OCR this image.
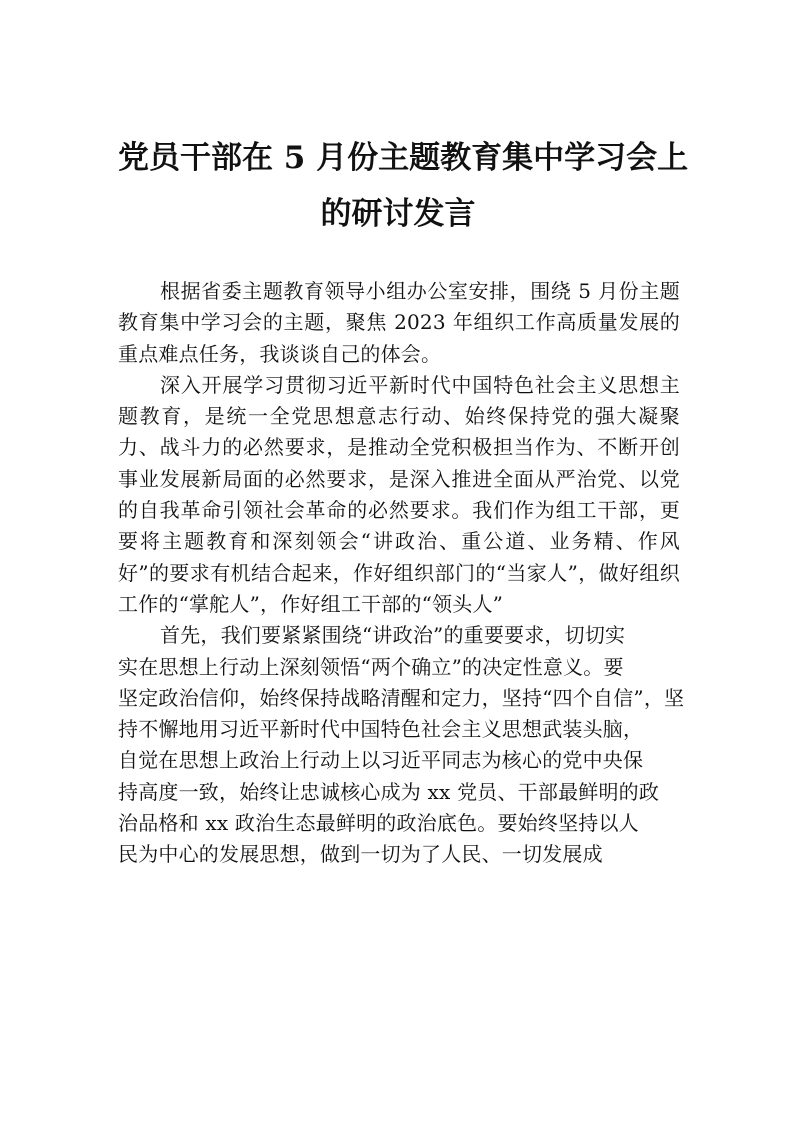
党员干部在 5 月份主题教育集中学习会上
的研讨发言

根据省委主题教育领导小组办公室安排，围绕 5 月份主题教育集中学习会的主题，聚焦 2023 年组织工作高质量发展的重点难点任务，我谈谈自己的体会。

深入开展学习贯彻习近平新时代中国特色社会主义思想主题教育，是统一全党思想意志行动、始终保持党的强大凝聚力、战斗力的必然要求，是推动全党积极担当作为、不断开创事业发展新局面的必然要求，是深入推进全面从严治党、以党的自我革命引领社会革命的必然要求。我们作为组工干部，更要将主题教育和深刻领会“讲政治、重公道、业务精、作风好”的要求有机结合起来，作好组织部门的“当家人”，做好组织工作的“掌舵人”，作好组工干部的“领头人”

首先，我们要紧紧围绕“讲政治”的重要要求，切切实
实在思想上行动上深刻领悟“两个确立”的决定性意义。要
坚定政治信仰，始终保持战略清醒和定力，坚持“四个自信”，坚
持不懈地用习近平新时代中国特色社会主义思想武装头脑，
自觉在思想上政治上行动上以习近平同志为核心的党中央保
持高度一致，始终让忠诚核心成为 xx 党员、干部最鲜明的政
治品格和 xx 政治生态最鲜明的政治底色。要始终坚持以人
民为中心的发展思想，做到一切为了人民、一切发展成
